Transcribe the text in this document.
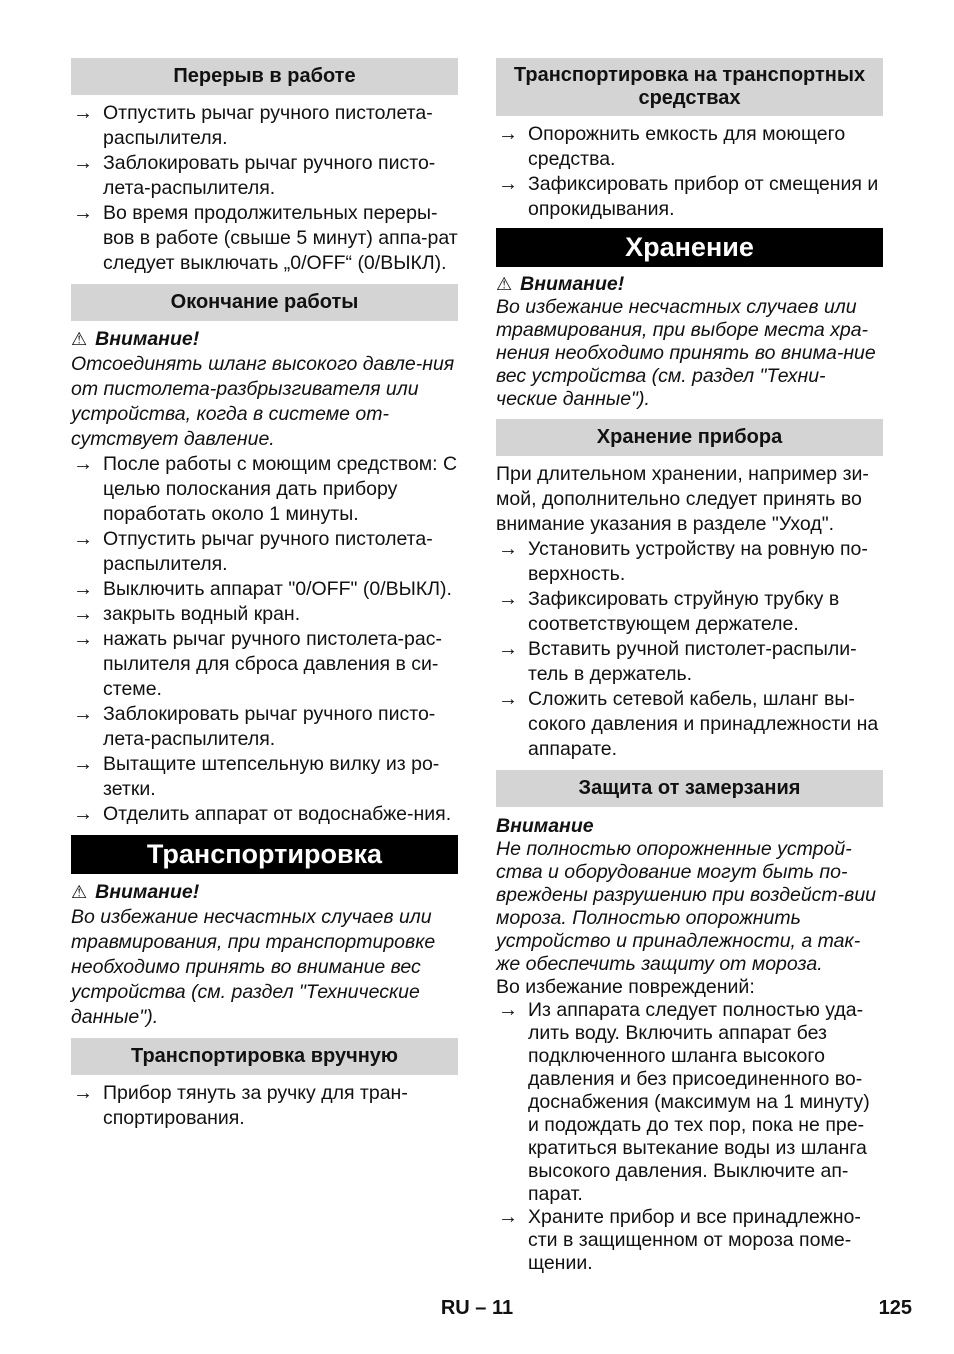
Перерыв в работе
→ Отпустить рычаг ручного пистолета-распылителя.
→ Заблокировать рычаг ручного писто-лета-распылителя.
→ Во время продолжительных переры-вов в работе (свыше 5 минут) аппа-рат следует выключать „0/OFF“ (0/ВЫКЛ).
Окончание работы
⚠ Внимание!
Отсоединять шланг высокого давле-ния от пистолета-разбрызгивателя или устройства, когда в системе от-сутствует давление.
→ После работы с моющим средством: С целью полоскания дать прибору поработать около 1 минуты.
→ Отпустить рычаг ручного пистолета-распылителя.
→ Выключить аппарат "0/OFF" (0/ВЫКЛ).
→ закрыть водный кран.
→ нажать рычаг ручного пистолета-рас-пылителя для сброса давления в си-стеме.
→ Заблокировать рычаг ручного писто-лета-распылителя.
→ Вытащите штепсельную вилку из ро-зетки.
→ Отделить аппарат от водоснабже-ния.
Транспортировка
⚠ Внимание!
Во избежание несчастных случаев или травмирования, при транспортировке необходимо принять во внимание вес устройства (см. раздел "Технические данные").
Транспортировка вручную
→ Прибор тянуть за ручку для тран-спортирования.
Транспортировка на транспортных средствах
→ Опорожнить емкость для моющего средства.
→ Зафиксировать прибор от смещения и опрокидывания.
Хранение
⚠ Внимание!
Во избежание несчастных случаев или травмирования, при выборе места хра-нения необходимо принять во внима-ние вес устройства (см. раздел "Техни-ческие данные").
Хранение прибора

При длительном хранении, например зи-мой, дополнительно следует принять во внимание указания в разделе "Уход".

→ Установить устройству на ровную по-верхность.
→ Зафиксировать струйную трубку в соответствующем держателе.
→ Вставить ручной пистолет-распыли-тель в держатель.
→ Сложить сетевой кабель, шланг вы-сокого давления и принадлежности на аппарате.
Защита от замерзания
Внимание
Не полностью опорожненные устрой-ства и оборудование могут быть по-вреждены разрушению при воздейст-вии мороза. Полностью опорожнить устройство и принадлежности, а так-же обеспечить защиту от мороза.

Во избежание повреждений:

→ Из аппарата следует полностью уда-лить воду. Включить аппарат без подключенного шланга высокого давления и без присоединенного во-доснабжения (максимум на 1 минуту) и подождать до тех пор, пока не пре-кратиться вытекание воды из шланга высокого давления. Выключите ап-парат.
→ Храните прибор и все принадлежно-сти в защищенном от мороза поме-щении.
RU – 11	125
